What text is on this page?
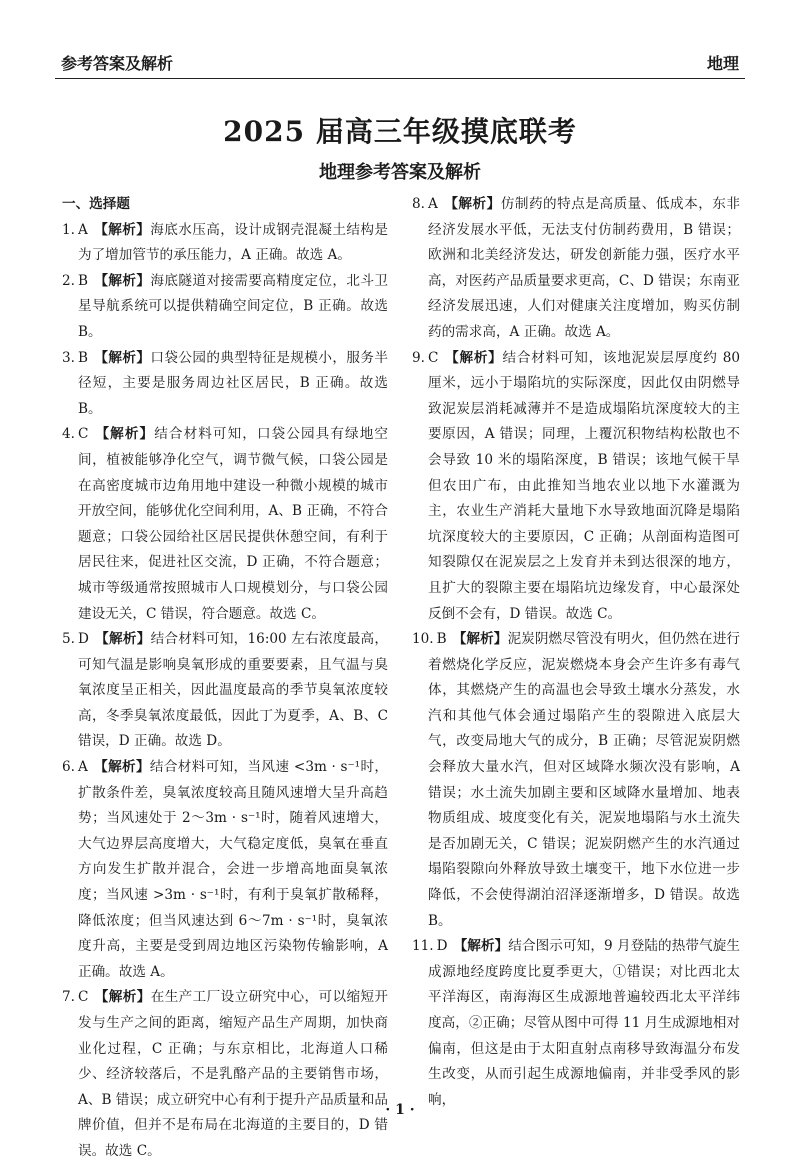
参考答案及解析	地理
2025 届高三年级摸底联考
地理参考答案及解析

一、选择题

1. A 【解析】海底水压高，设计成钢壳混凝土结构是为了增加管节的承压能力，A 正确。故选 A。

2. B 【解析】海底隧道对接需要高精度定位，北斗卫星导航系统可以提供精确空间定位，B 正确。故选 B。

3. B 【解析】口袋公园的典型特征是规模小，服务半径短，主要是服务周边社区居民，B 正确。故选 B。

4. C 【解析】结合材料可知，口袋公园具有绿地空间，植被能够净化空气，调节微气候，口袋公园是在高密度城市边角用地中建设一种微小规模的城市开放空间，能够优化空间利用，A、B 正确，不符合题意；口袋公园给社区居民提供休憩空间，有利于居民往来，促进社区交流，D 正确，不符合题意；城市等级通常按照城市人口规模划分，与口袋公园建设无关，C 错误，符合题意。故选 C。

5. D 【解析】结合材料可知，16:00 左右浓度最高，可知气温是影响臭氧形成的重要要素，且气温与臭氧浓度呈正相关，因此温度最高的季节臭氧浓度较高，冬季臭氧浓度最低，因此丁为夏季，A、B、C 错误，D 正确。故选 D。

6. A 【解析】结合材料可知，当风速 <3m · s⁻¹时，扩散条件差，臭氧浓度较高且随风速增大呈升高趋势；当风速处于 2～3m · s⁻¹时，随着风速增大，大气边界层高度增大，大气稳定度低，臭氧在垂直方向发生扩散并混合，会进一步增高地面臭氧浓度；当风速 >3m · s⁻¹时，有利于臭氧扩散稀释，降低浓度；但当风速达到 6～7m · s⁻¹时，臭氧浓度升高，主要是受到周边地区污染物传输影响，A 正确。故选 A。

7. C 【解析】在生产工厂设立研究中心，可以缩短开发与生产之间的距离，缩短产品生产周期，加快商业化过程，C 正确；与东京相比，北海道人口稀少、经济较落后，不是乳酪产品的主要销售市场，A、B 错误；成立研究中心有利于提升产品质量和品牌价值，但并不是布局在北海道的主要目的，D 错误。故选 C。

8. A 【解析】仿制药的特点是高质量、低成本，东非经济发展水平低，无法支付仿制药费用，B 错误；欧洲和北美经济发达，研发创新能力强，医疗水平高，对医药产品质量要求更高，C、D 错误；东南亚经济发展迅速，人们对健康关注度增加，购买仿制药的需求高，A 正确。故选 A。

9. C 【解析】结合材料可知，该地泥炭层厚度约 80 厘米，远小于塌陷坑的实际深度，因此仅由阴燃导致泥炭层消耗减薄并不是造成塌陷坑深度较大的主要原因，A 错误；同理，上覆沉积物结构松散也不会导致 10 米的塌陷深度，B 错误；该地气候干旱但农田广布，由此推知当地农业以地下水灌溉为主，农业生产消耗大量地下水导致地面沉降是塌陷坑深度较大的主要原因，C 正确；从剖面构造图可知裂隙仅在泥炭层之上发育并未到达很深的地方，且扩大的裂隙主要在塌陷坑边缘发育，中心最深处反倒不会有，D 错误。故选 C。

10. B 【解析】泥炭阴燃尽管没有明火，但仍然在进行着燃烧化学反应，泥炭燃烧本身会产生许多有毒气体，其燃烧产生的高温也会导致土壤水分蒸发，水汽和其他气体会通过塌陷产生的裂隙进入底层大气，改变局地大气的成分，B 正确；尽管泥炭阴燃会释放大量水汽，但对区域降水频次没有影响，A 错误；水土流失加剧主要和区域降水量增加、地表物质组成、坡度变化有关，泥炭地塌陷与水土流失是否加剧无关，C 错误；泥炭阴燃产生的水汽通过塌陷裂隙向外释放导致土壤变干，地下水位进一步降低，不会使得湖泊沼泽逐渐增多，D 错误。故选 B。

11. D 【解析】结合图示可知，9 月登陆的热带气旋生成源地经度跨度比夏季更大，①错误；对比西北太平洋海区，南海海区生成源地普遍较西北太平洋纬度高，②正确；尽管从图中可得 11 月生成源地相对偏南，但这是由于太阳直射点南移导致海温分布发生改变，从而引起生成源地偏南，并非受季风的影响，

· 1 ·
